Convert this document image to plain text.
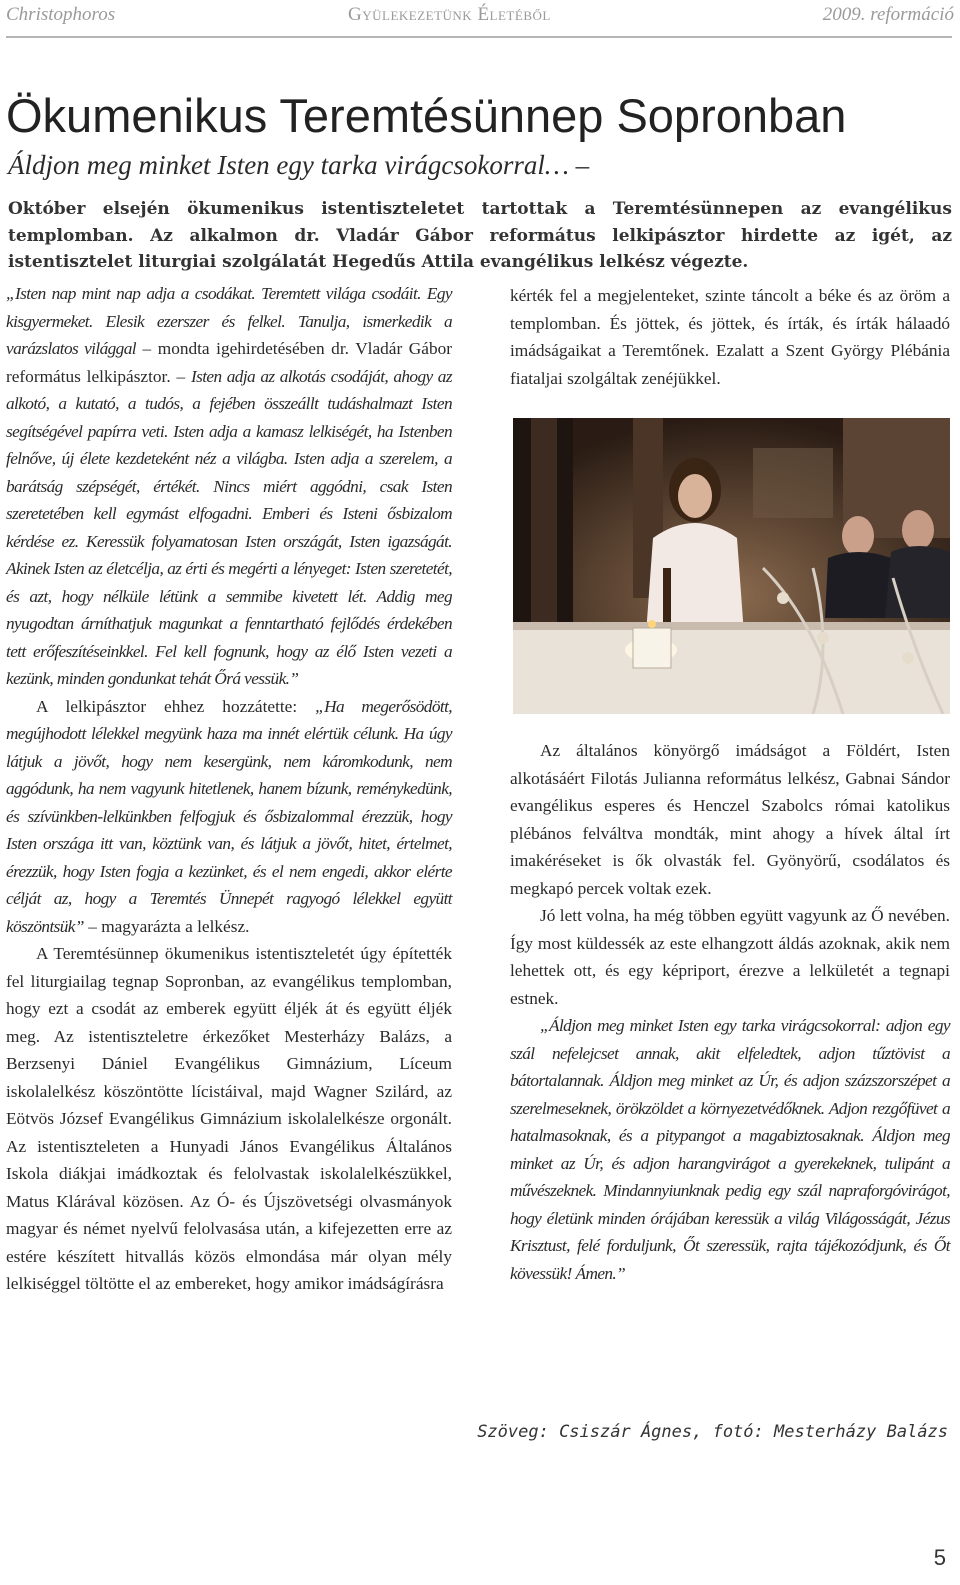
Christophoros	Gyülekezetünk Életéből	2009. reformáció
Ökumenikus Teremtésünnep Sopronban
Áldjon meg minket Isten egy tarka virágcsokorral… –
Október elsején ökumenikus istentiszteletet tartottak a Teremtésünnepen az evangélikus templomban. Az alkalmon dr. Vladár Gábor református lelkipásztor hirdette az igét, az istentisztelet liturgiai szolgálatát Hegedűs Attila evangélikus lelkész végezte.

„Isten nap mint nap adja a csodákat. Teremtett világa csodáit. Egy kisgyermeket. Elesik ezerszer és felkel. Tanulja, ismerkedik a varázslatos világgal – mondta igehirdetésében dr. Vladár Gábor református lelkipásztor. – Isten adja az alkotás csodáját, ahogy az alkotó, a kutató, a tudós, a fejében összeállt tudáshalmazt Isten segítségével papírra veti. Isten adja a kamasz lelkiségét, ha Istenben felnőve, új élete kezdeteként néz a világba. Isten adja a szerelem, a barátság szépségét, értékét. Nincs miért aggódni, csak Isten szeretetében kell egymást elfogadni. Emberi és Isteni ősbizalom kérdése ez. Keressük folyamatosan Isten országát, Isten igazságát. Akinek Isten az életcélja, az érti és megérti a lényeget: Isten szeretetét, és azt, hogy nélküle létünk a semmibe kivetett lét. Addig meg nyugodtan árníthatjuk magunkat a fenntartható fejlődés érdekében tett erőfeszítéseinkkel. Fel kell fognunk, hogy az élő Isten vezeti a kezünk, minden gondunkat tehát Őrá vessük.”

A lelkipásztor ehhez hozzátette: „Ha megerősödött, megújhodott lélekkel megyünk haza ma innét elértük célunk. Ha úgy látjuk a jövőt, hogy nem kesergünk, nem káromkodunk, nem aggódunk, ha nem vagyunk hitetlenek, hanem bízunk, reménykedünk, és szívünkben-lelkünkben felfogjuk és ősbizalommal érezzük, hogy Isten országa itt van, köztünk van, és látjuk a jövőt, hitet, értelmet, érezzük, hogy Isten fogja a kezünket, és el nem engedi, akkor elérte célját az, hogy a Teremtés Ünnepét ragyogó lélekkel együtt köszöntsük” – magyarázta a lelkész.

A Teremtésünnep ökumenikus istentiszteletét úgy építették fel liturgiailag tegnap Sopronban, az evangélikus templomban, hogy ezt a csodát az emberek együtt éljék át és együtt éljék meg. Az istentiszteletre érkezőket Mesterházy Balázs, a Berzsenyi Dániel Evangélikus Gimnázium, Líceum iskolalelkész köszöntötte lícistáival, majd Wagner Szilárd, az Eötvös József Evangélikus Gimnázium iskolalelkésze orgonált. Az istentiszteleten a Hunyadi János Evangélikus Általános Iskola diákjai imádkoztak és felolvastak iskolalelkészükkel, Matus Klárával közösen. Az Ó- és Újszövetségi olvasmányok magyar és német nyelvű felolvasása után, a kifejezetten erre az estére készített hitvallás közös elmondása már olyan mély lelkiséggel töltötte el az embereket, hogy amikor imádságírásra

kérték fel a megjelenteket, szinte táncolt a béke és az öröm a templomban. És jöttek, és jöttek, és írták, és írták hálaadó imádságaikat a Teremtőnek. Ezalatt a Szent György Plébánia fiataljai szolgáltak zenéjükkel.

Az általános könyörgő imádságot a Földért, Isten alkotásáért Filotás Julianna református lelkész, Gabnai Sándor evangélikus esperes és Henczel Szabolcs római katolikus plébános felváltva mondták, mint ahogy a hívek által írt imakéréseket is ők olvasták fel. Gyönyörű, csodálatos és megkapó percek voltak ezek.

Jó lett volna, ha még többen együtt vagyunk az Ő nevében. Így most küldessék az este elhangzott áldás azoknak, akik nem lehettek ott, és egy képriport, érezve a lelkületét a tegnapi estnek.

„Áldjon meg minket Isten egy tarka virágcsokorral: adjon egy szál nefelejcset annak, akit elfeledtek, adjon tűztövist a bátortalannak. Áldjon meg minket az Úr, és adjon százszorszépet a szerelmeseknek, örökzöldet a környezetvédőknek. Adjon rezgőfüvet a hatalmasoknak, és a pitypangot a magabiztosaknak. Áldjon meg minket az Úr, és adjon harangvirágot a gyerekeknek, tulipánt a művészeknek. Mindannyiunknak pedig egy szál napraforgóvirágot, hogy életünk minden órájában keressük a világ Világosságát, Jézus Krisztust, felé forduljunk, Őt szeressük, rajta tájékozódjunk, és Őt kövessük! Ámen.”

Szöveg: Csiszár Ágnes, fotó: Mesterházy Balázs
5
